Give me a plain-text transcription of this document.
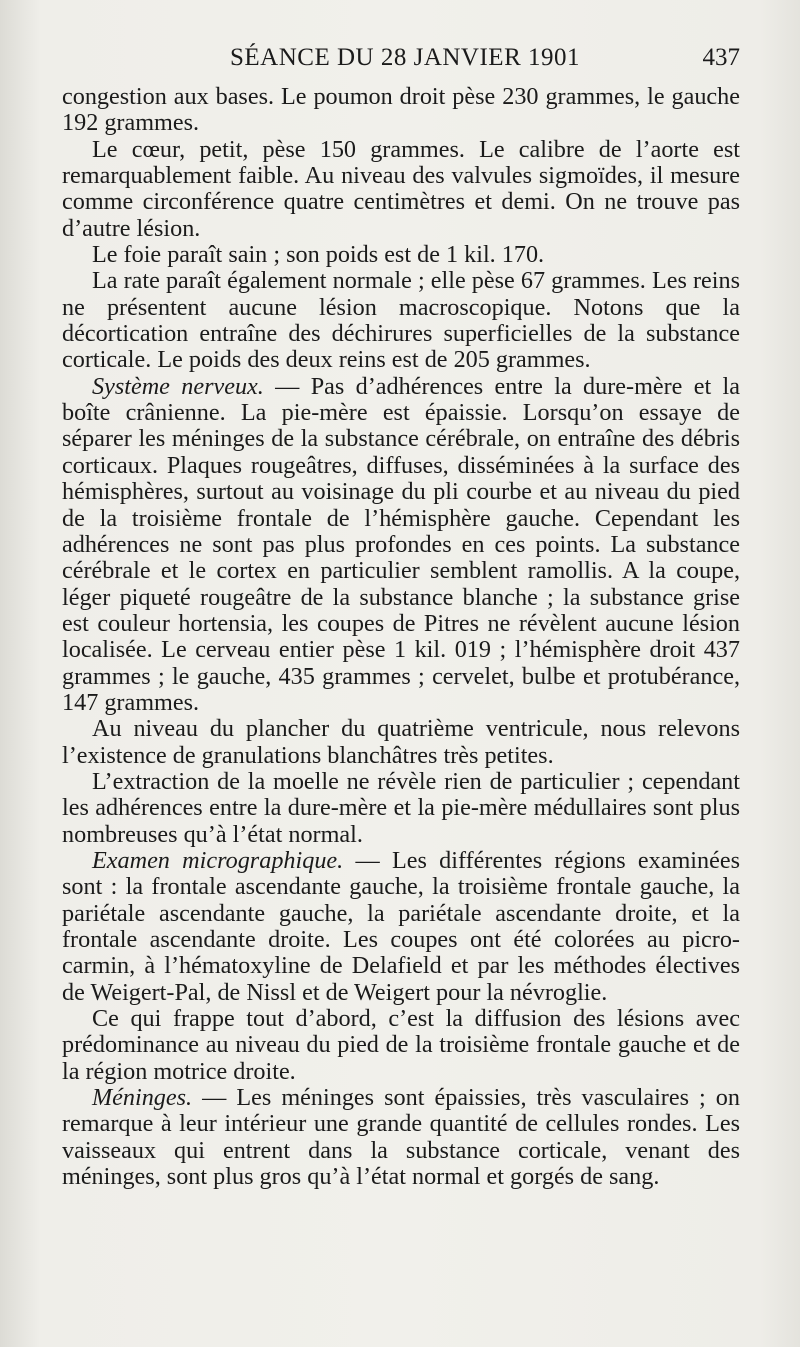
SÉANCE DU 28 JANVIER 1901	437

congestion aux bases. Le poumon droit pèse 230 grammes, le gauche 192 grammes.

Le cœur, petit, pèse 150 grammes. Le calibre de l’aorte est remarquablement faible. Au niveau des valvules sigmoïdes, il mesure comme circonférence quatre centimètres et demi. On ne trouve pas d’autre lésion.

Le foie paraît sain ; son poids est de 1 kil. 170.

La rate paraît également normale ; elle pèse 67 grammes. Les reins ne présentent aucune lésion macroscopique. Notons que la décortication entraîne des déchirures superficielles de la substance corticale. Le poids des deux reins est de 205 grammes.

Système nerveux. — Pas d’adhérences entre la dure-mère et la boîte crânienne. La pie-mère est épaissie. Lorsqu’on essaye de séparer les méninges de la substance cérébrale, on entraîne des débris corticaux. Plaques rougeâtres, diffuses, disséminées à la surface des hémisphères, surtout au voisinage du pli courbe et au niveau du pied de la troisième frontale de l’hémisphère gauche. Cependant les adhérences ne sont pas plus profondes en ces points. La substance cérébrale et le cortex en particulier semblent ramollis. A la coupe, léger piqueté rougeâtre de la substance blanche ; la substance grise est couleur hortensia, les coupes de Pitres ne révèlent aucune lésion localisée. Le cerveau entier pèse 1 kil. 019 ; l’hémisphère droit 437 grammes ; le gauche, 435 grammes ; cervelet, bulbe et protubérance, 147 grammes.

Au niveau du plancher du quatrième ventricule, nous relevons l’existence de granulations blanchâtres très petites.

L’extraction de la moelle ne révèle rien de particulier ; cependant les adhérences entre la dure-mère et la pie-mère médullaires sont plus nombreuses qu’à l’état normal.

Examen micrographique. — Les différentes régions examinées sont : la frontale ascendante gauche, la troisième frontale gauche, la pariétale ascendante gauche, la pariétale ascendante droite, et la frontale ascendante droite. Les coupes ont été colorées au picro-carmin, à l’hématoxyline de Delafield et par les méthodes électives de Weigert-Pal, de Nissl et de Weigert pour la névroglie.

Ce qui frappe tout d’abord, c’est la diffusion des lésions avec prédominance au niveau du pied de la troisième frontale gauche et de la région motrice droite.

Méninges. — Les méninges sont épaissies, très vasculaires ; on remarque à leur intérieur une grande quantité de cellules rondes. Les vaisseaux qui entrent dans la substance corticale, venant des méninges, sont plus gros qu’à l’état normal et gorgés de sang.
